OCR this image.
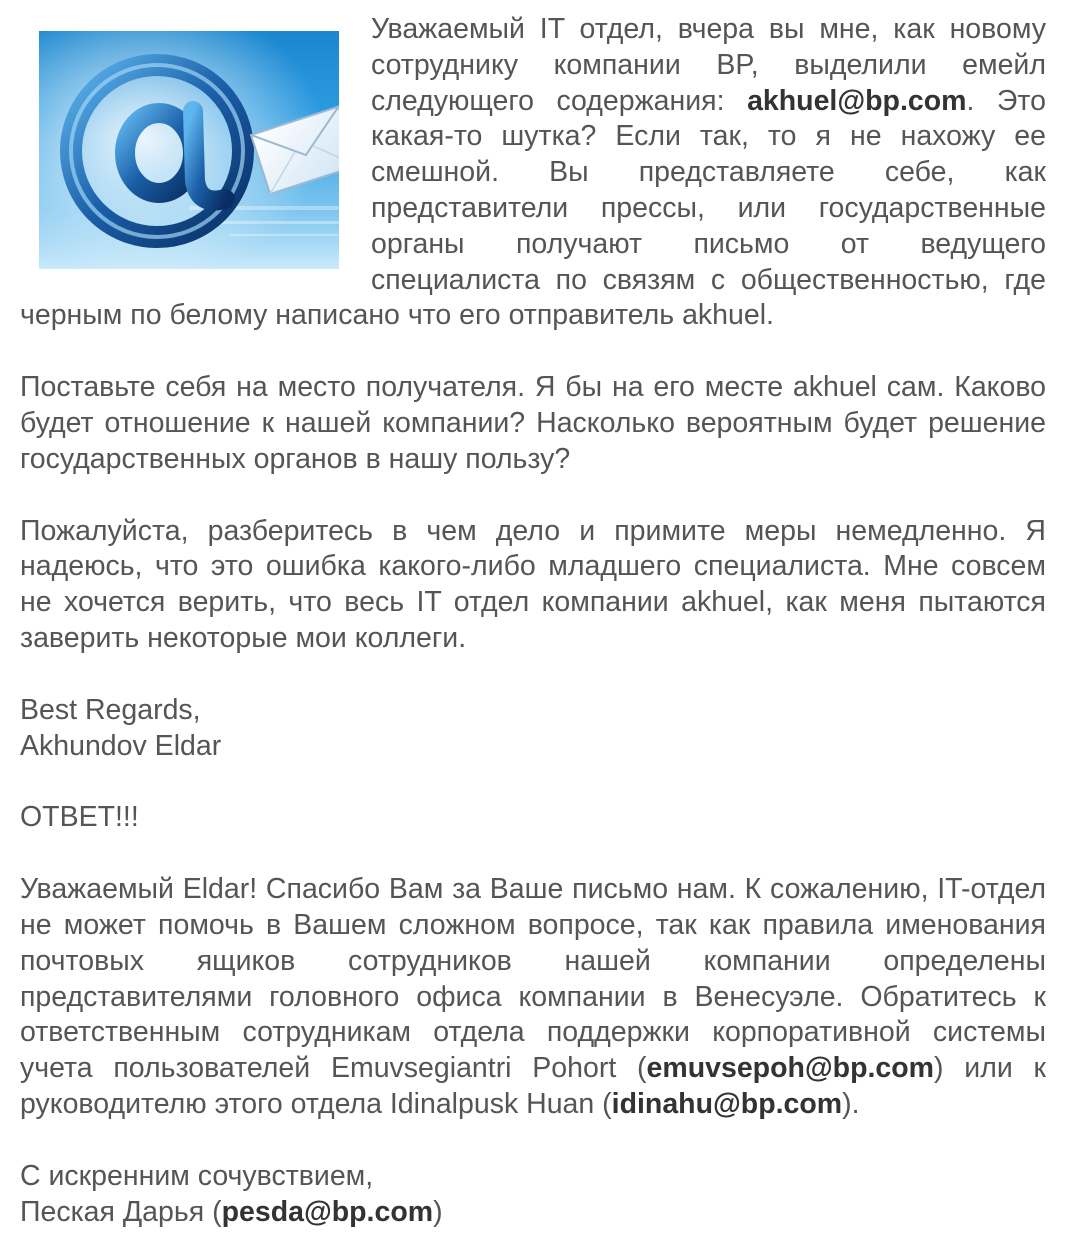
Уважаемый IT отдел, вчера вы мне, как новому сотруднику компании BP, выделили емейл следующего содержания: akhuel@bp.com. Это какая-то шутка? Если так, то я не нахожу ее смешной. Вы представляете себе, как представители прессы, или государственные органы получают письмо от ведущего специалиста по связям с общественностью, где черным по белому написано что его отправитель akhuel.

Поставьте себя на место получателя. Я бы на его месте akhuel сам. Каково будет отношение к нашей компании? Насколько вероятным будет решение государственных органов в нашу пользу?

Пожалуйста, разберитесь в чем дело и примите меры немедленно. Я надеюсь, что это ошибка какого-либо младшего специалиста. Мне совсем не хочется верить, что весь IT отдел компании akhuel, как меня пытаются заверить некоторые мои коллеги.

Best Regards,
Akhundov Eldar

ОТВЕТ!!!

Уважаемый Eldar! Спасибо Вам за Ваше письмо нам. К сожалению, IT-отдел не может помочь в Вашем сложном вопросе, так как правила именования почтовых ящиков сотрудников нашей компании определены представителями головного офиса компании в Венесуэле. Обратитесь к ответственным сотрудникам отдела поддержки корпоративной системы учета пользователей Emuvsegiantri Pohort (emuvsepoh@bp.com) или к руководителю этого отдела Idinalpusk Huan (idinahu@bp.com).

С искренним сочувствием,
Пеская Дарья (pesda@bp.com)
